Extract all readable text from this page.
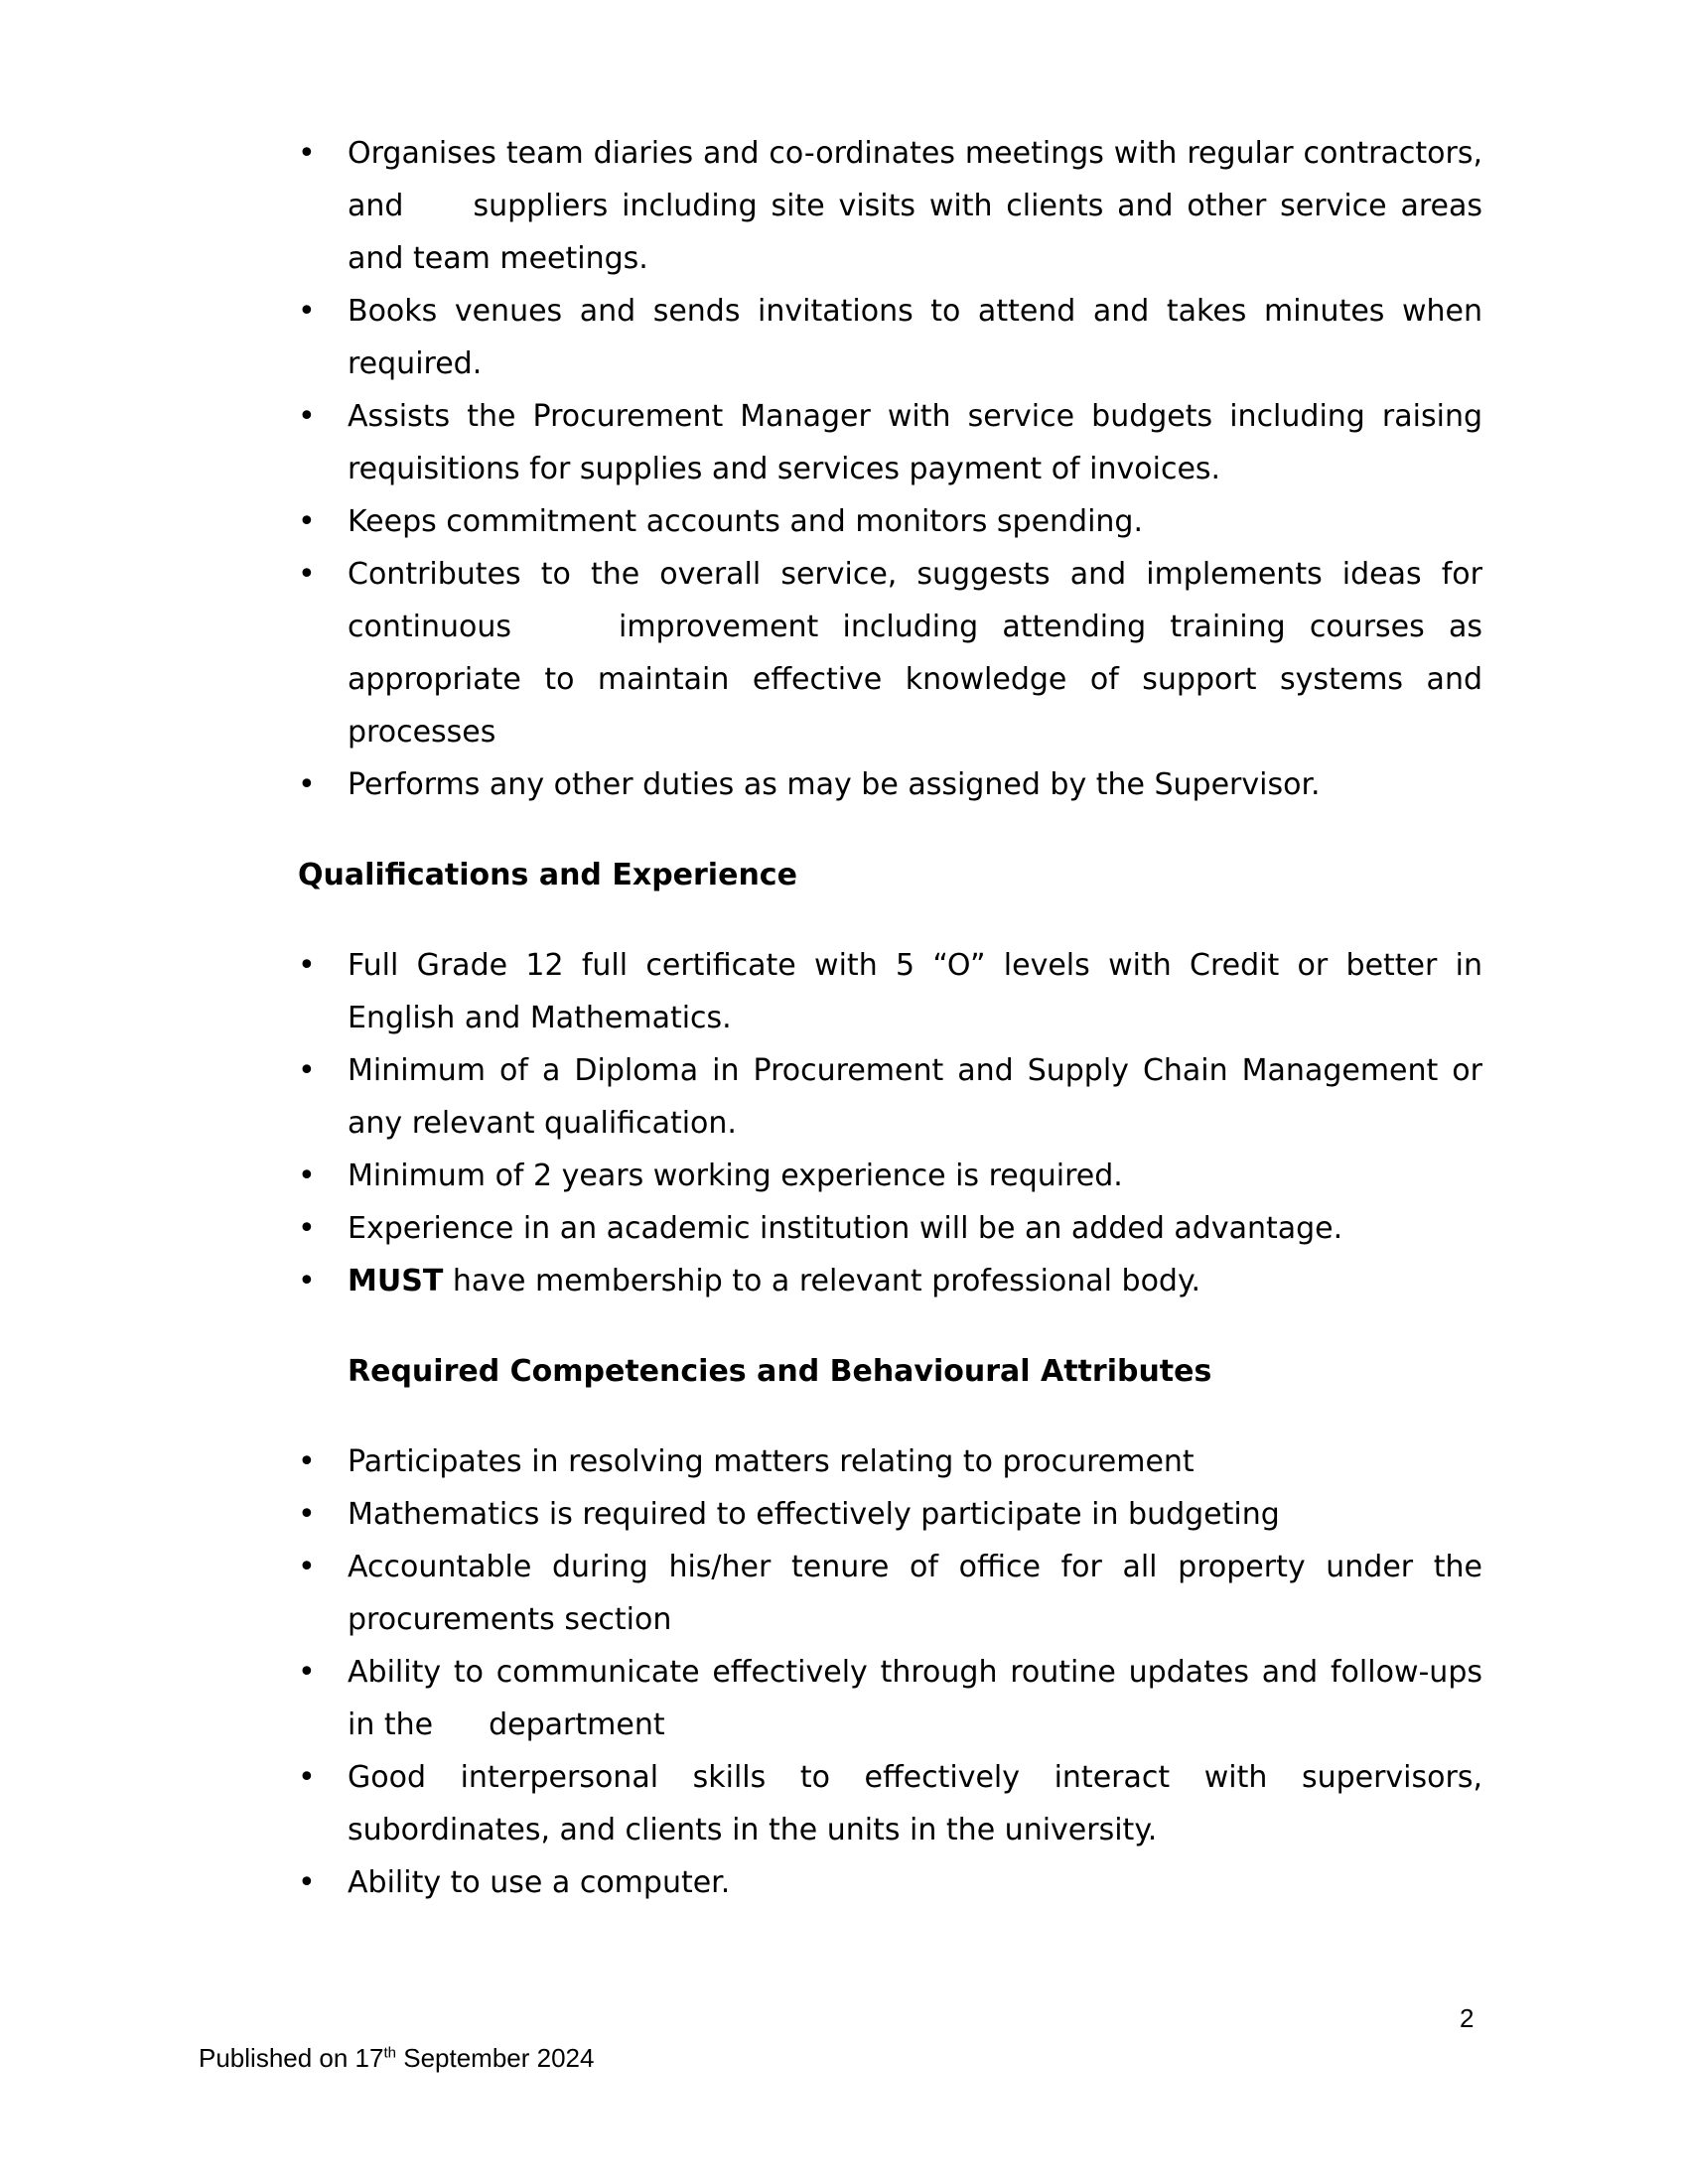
• Organises team diaries and co-ordinates meetings with regular contractors, and suppliers including site visits with clients and other service areas and team meetings.
• Books venues and sends invitations to attend and takes minutes when required.
• Assists the Procurement Manager with service budgets including raising requisitions for supplies and services payment of invoices.
• Keeps commitment accounts and monitors spending.
• Contributes to the overall service, suggests and implements ideas for continuous	improvement including attending training courses as appropriate to maintain effective knowledge of support systems and processes
• Performs any other duties as may be assigned by the Supervisor.
Qualifications and Experience
• Full Grade 12 full certificate with 5 “O” levels with Credit or better in English and Mathematics.
• Minimum of a Diploma in Procurement and Supply Chain Management or any relevant qualification.
• Minimum of 2 years working experience is required.
• Experience in an academic institution will be an added advantage.
• MUST have membership to a relevant professional body.
Required Competencies and Behavioural Attributes
• Participates in resolving matters relating to procurement
• Mathematics is required to effectively participate in budgeting
• Accountable during his/her tenure of office for all property under the procurements section
• Ability to communicate effectively through routine updates and follow-ups in the department
• Good interpersonal skills to effectively interact with supervisors, subordinates, and clients in the units in the university.
• Ability to use a computer.
2
Published on 17th September 2024
